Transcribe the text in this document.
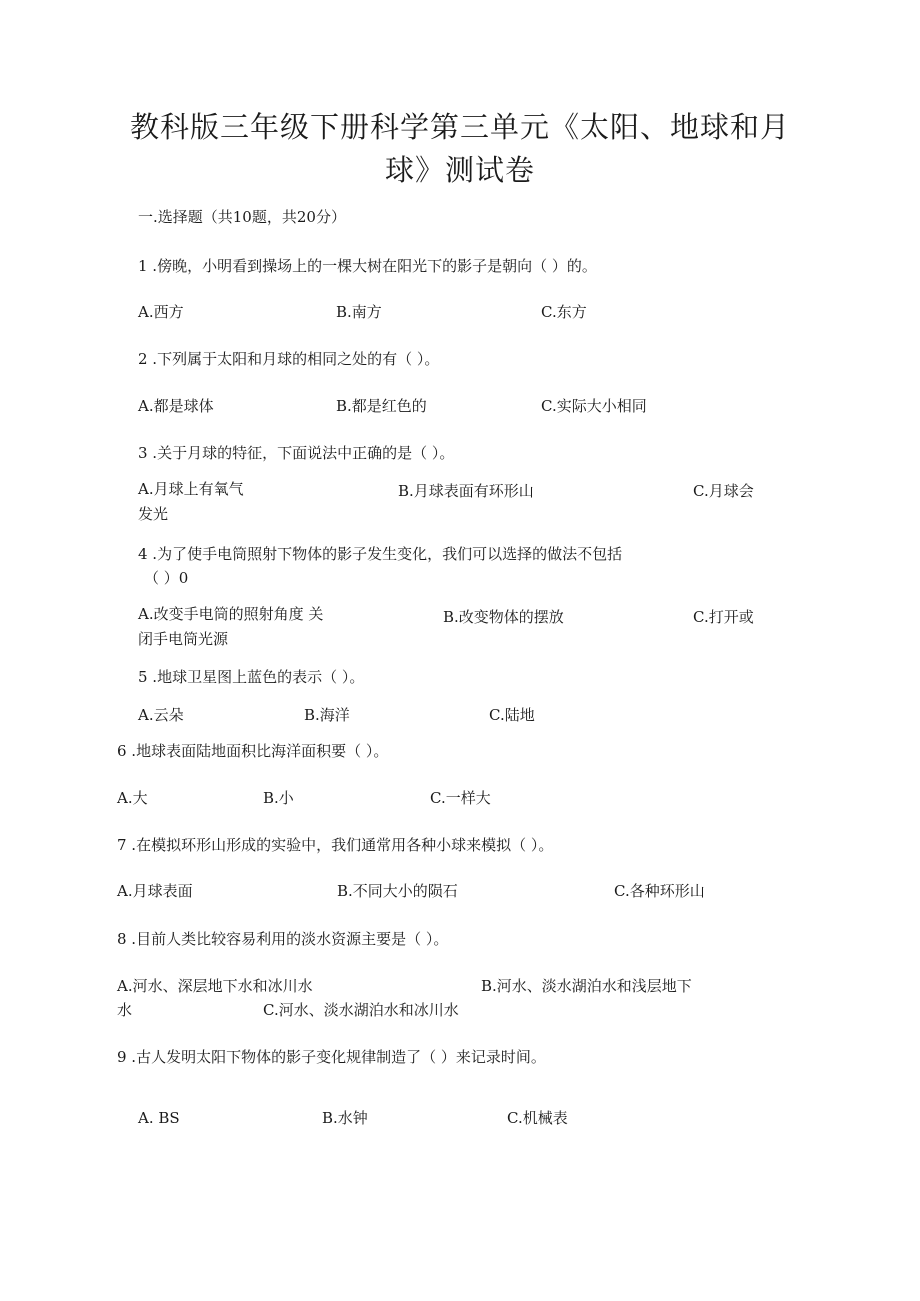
教科版三年级下册科学第三单元《太阳、地球和月
球》测试卷
一.选择题（共10题，共20分）
1 .傍晚，小明看到操场上的一棵大树在阳光下的影子是朝向（ ）的。
A.西方	B.南方	C.东方
2 .下列属于太阳和月球的相同之处的有（ ）。
A.都是球体	B.都是红色的	C.实际大小相同
3 .关于月球的特征，下面说法中正确的是（ ）。
A.月球上有氧气	B.月球表面有环形山	C.月球会
发光
4 .为了使手电筒照射下物体的影子发生变化，我们可以选择的做法不包括
（ ）0
A.改变手电筒的照射角度 关	B.改变物体的摆放	C.打开或
闭手电筒光源
5 .地球卫星图上蓝色的表示（ ）。
A.云朵	B.海洋	C.陆地
6 .地球表面陆地面积比海洋面积要（ ）。
A.大	B.小	C.一样大
7 .在模拟环形山形成的实验中，我们通常用各种小球来模拟（ ）。
A.月球表面	B.不同大小的陨石	C.各种环形山
8 .目前人类比较容易利用的淡水资源主要是（ ）。
A.河水、深层地下水和冰川水	B.河水、淡水湖泊水和浅层地下
水	C.河水、淡水湖泊水和冰川水
9 .古人发明太阳下物体的影子变化规律制造了（ ）来记录时间。
A. BS	B.水钟	C.机械表
